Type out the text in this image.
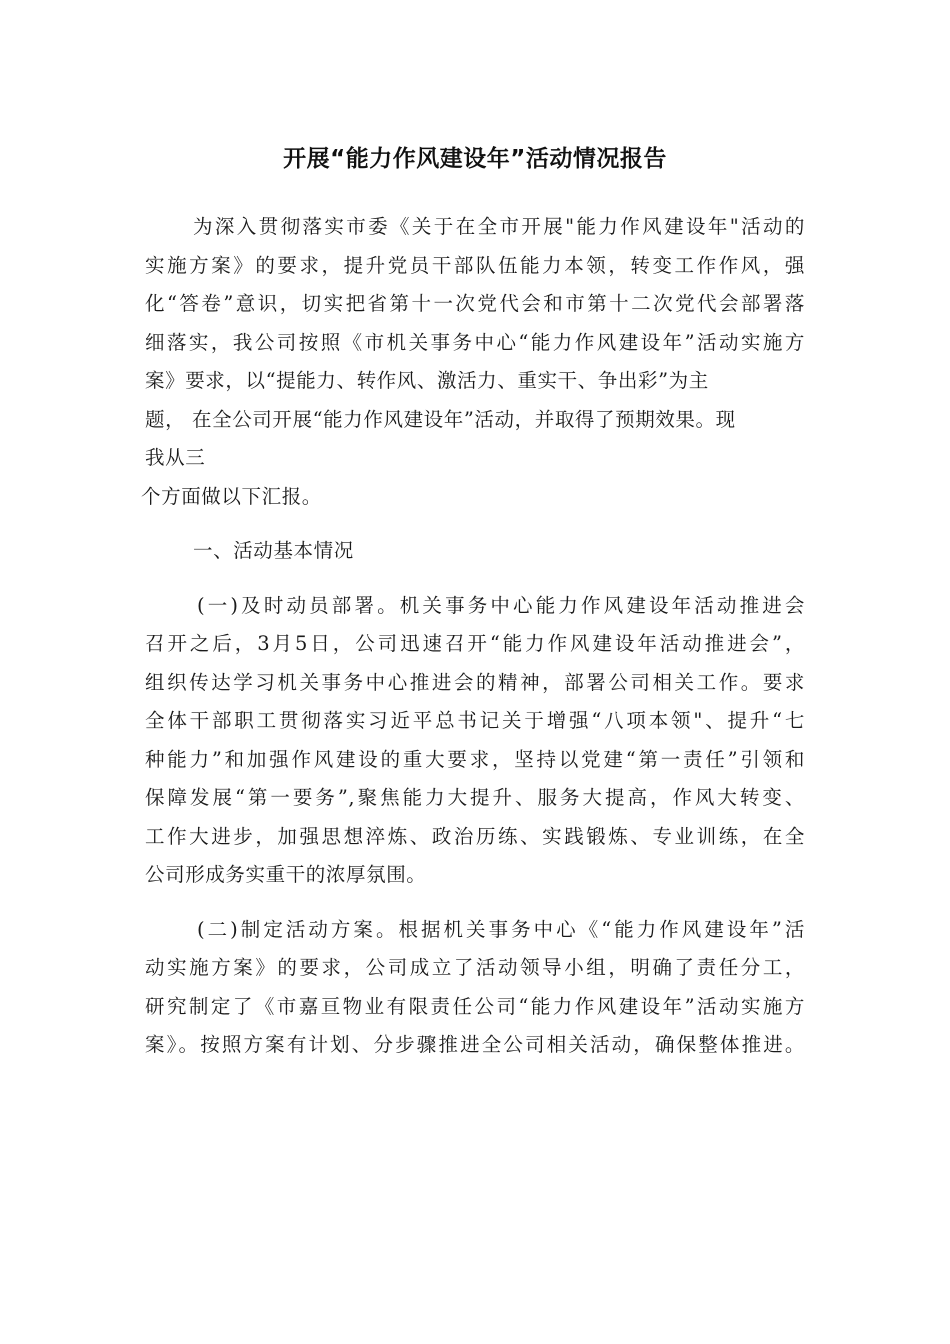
开展“能力作风建设年”活动情况报告
为深入贯彻落实市委《关于在全市开展"能力作风建设年"活动的
实施方案》的要求，提升党员干部队伍能力本领，转变工作作风，强
化“答卷”意识，切实把省第十一次党代会和市第十二次党代会部署落
细落实，我公司按照《市机关事务中心“能力作风建设年”活动实施方
案》要求，以“提能力、转作风、激活力、重实干、争出彩”为主
题， 在全公司开展“能力作风建设年”活动，并取得了预期效果。现
我从三
个方面做以下汇报。
一、活动基本情况
(一)及时动员部署。机关事务中心能力作风建设年活动推进会
召开之后，3月5日，公司迅速召开“能力作风建设年活动推进会”，
组织传达学习机关事务中心推进会的精神，部署公司相关工作。要求
全体干部职工贯彻落实习近平总书记关于增强“八项本领"、提升“七
种能力”和加强作风建设的重大要求，坚持以党建“第一责任”引领和
保障发展“第一要务”,聚焦能力大提升、服务大提高，作风大转变、
工作大进步，加强思想淬炼、政治历练、实践锻炼、专业训练，在全
公司形成务实重干的浓厚氛围。
(二)制定活动方案。根据机关事务中心《“能力作风建设年”活
动实施方案》的要求，公司成立了活动领导小组，明确了责任分工，
研究制定了《市嘉亘物业有限责任公司“能力作风建设年”活动实施方
案》。按照方案有计划、分步骤推进全公司相关活动，确保整体推进。
